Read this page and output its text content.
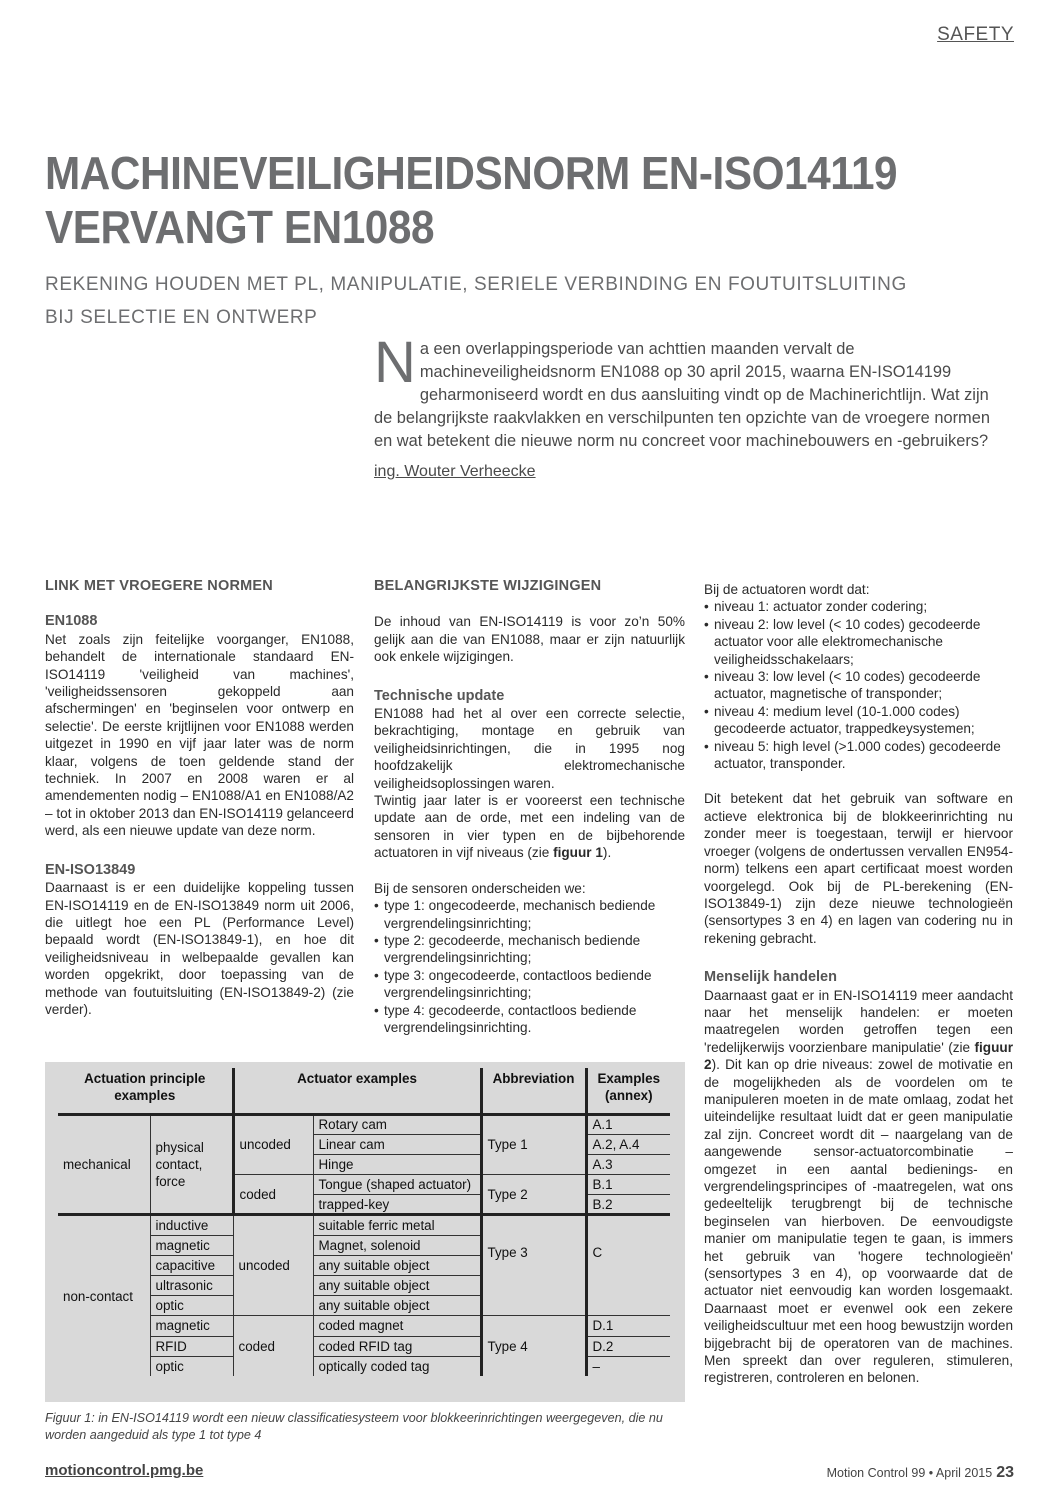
SAFETY
MACHINEVEILIGHEIDSNORM EN-ISO14119
VERVANGT EN1088
REKENING HOUDEN MET PL, MANIPULATIE, SERIELE VERBINDING EN FOUTUITSLUITING
BIJ SELECTIE EN ONTWERP
N a een overlappingsperiode van achttien maanden vervalt de machineveiligheidsnorm EN1088 op 30 april 2015, waarna EN-ISO14199 geharmoniseerd wordt en dus aansluiting vindt op de Machinerichtlijn. Wat zijn de belangrijkste raakvlakken en verschilpunten ten opzichte van de vroegere normen en wat betekent die nieuwe norm nu concreet voor machinebouwers en -gebruikers?
ing. Wouter Verheecke
LINK MET VROEGERE NORMEN
EN1088
Net zoals zijn feitelijke voorganger, EN1088, behandelt de internationale standaard EN-ISO14119 'veiligheid van machines', 'veiligheidssensoren gekoppeld aan afschermingen' en 'beginselen voor ontwerp en selectie'. De eerste krijtlijnen voor EN1088 werden uitgezet in 1990 en vijf jaar later was de norm klaar, volgens de toen geldende stand der techniek. In 2007 en 2008 waren er al amendementen nodig – EN1088/A1 en EN1088/A2 – tot in oktober 2013 dan EN-ISO14119 gelanceerd werd, als een nieuwe update van deze norm.
EN-ISO13849
Daarnaast is er een duidelijke koppeling tussen EN-ISO14119 en de EN-ISO13849 norm uit 2006, die uitlegt hoe een PL (Performance Level) bepaald wordt (EN-ISO13849-1), en hoe dit veiligheidsniveau in welbepaalde gevallen kan worden opgekrikt, door toepassing van de methode van foutuitsluiting (EN-ISO13849-2) (zie verder).
BELANGRIJKSTE WIJZIGINGEN
De inhoud van EN-ISO14119 is voor zo’n 50% gelijk aan die van EN1088, maar er zijn natuurlijk ook enkele wijzigingen.
Technische update
EN1088 had het al over een correcte selectie, bekrachtiging, montage en gebruik van veiligheidsinrichtingen, die in 1995 nog hoofdzakelijk elektromechanische veiligheidsoplossingen waren.
Twintig jaar later is er vooreerst een technische update aan de orde, met een indeling van de sensoren in vier typen en de bijbehorende actuatoren in vijf niveaus (zie figuur 1).
Bij de sensoren onderscheiden we:
• type 1: ongecodeerde, mechanisch bediende vergrendelingsinrichting;
• type 2: gecodeerde, mechanisch bediende vergrendelingsinrichting;
• type 3: ongecodeerde, contactloos bediende vergrendelingsinrichting;
• type 4: gecodeerde, contactloos bediende vergrendelingsinrichting.
Bij de actuatoren wordt dat:
• niveau 1: actuator zonder codering;
• niveau 2: low level (< 10 codes) gecodeerde actuator voor alle elektromechanische veiligheidsschakelaars;
• niveau 3: low level (< 10 codes) gecodeerde actuator, magnetische of transponder;
• niveau 4: medium level (10-1.000 codes) gecodeerde actuator, trappedkeysystemen;
• niveau 5: high level (>1.000 codes) gecodeerde actuator, transponder.
Dit betekent dat het gebruik van software en actieve elektronica bij de blokkeerinrichting nu zonder meer is toegestaan, terwijl er hiervoor vroeger (volgens de ondertussen vervallen EN954-norm) telkens een apart certificaat moest worden voorgelegd. Ook bij de PL-berekening (EN-ISO13849-1) zijn deze nieuwe technologieën (sensortypes 3 en 4) en lagen van codering nu in rekening gebracht.
Menselijk handelen
Daarnaast gaat er in EN-ISO14119 meer aandacht naar het menselijk handelen: er moeten maatregelen worden getroffen tegen een 'redelijkerwijs voorzienbare manipulatie' (zie figuur 2). Dit kan op drie niveaus: zowel de motivatie en de mogelijkheden als de voordelen om te manipuleren moeten in de mate omlaag, zodat het uiteindelijke resultaat luidt dat er geen manipulatie zal zijn. Concreet wordt dit – naargelang van de aangewende sensor-actuatorcombinatie – omgezet in een aantal bedienings- en vergrendelingsprincipes of -maatregelen, wat ons gedeeltelijk terugbrengt bij de technische beginselen van hierboven. De eenvoudigste manier om manipulatie tegen te gaan, is immers het gebruik van 'hogere technologieën' (sensortypes 3 en 4), op voorwaarde dat de actuator niet eenvoudig kan worden losgemaakt. Daarnaast moet er evenwel ook een zekere veiligheidscultuur met een hoog bewustzijn worden bijgebracht bij de operatoren van de machines. Men spreekt dan over reguleren, stimuleren, registreren, controleren en belonen.
Actuation principle examples		Actuator examples		Abbreviation	Examples (annex)
mechanical	physical contact, force	uncoded	Rotary cam	Type 1	A.1
			Linear cam		A.2, A.4
			Hinge		A.3
		coded	Tongue (shaped actuator)	Type 2	B.1

			trapped-key		B.2
non-contact	inductive	uncoded	suitable ferric metal	Type 3	C
	magnetic		Magnet, solenoid		
	capacitive		any suitable object		
	ultrasonic		any suitable object		
	optic		any suitable object		
	magnetic	coded	coded magnet	Type 4	D.1
	RFID		coded RFID tag		D.2
	optic		optically coded tag		–
Figuur 1: in EN-ISO14119 wordt een nieuw classificatiesysteem voor blokkeerinrichtingen weergegeven, die nu worden aangeduid als type 1 tot type 4
motioncontrol.pmg.be	Motion Control 99 • April 2015 23
